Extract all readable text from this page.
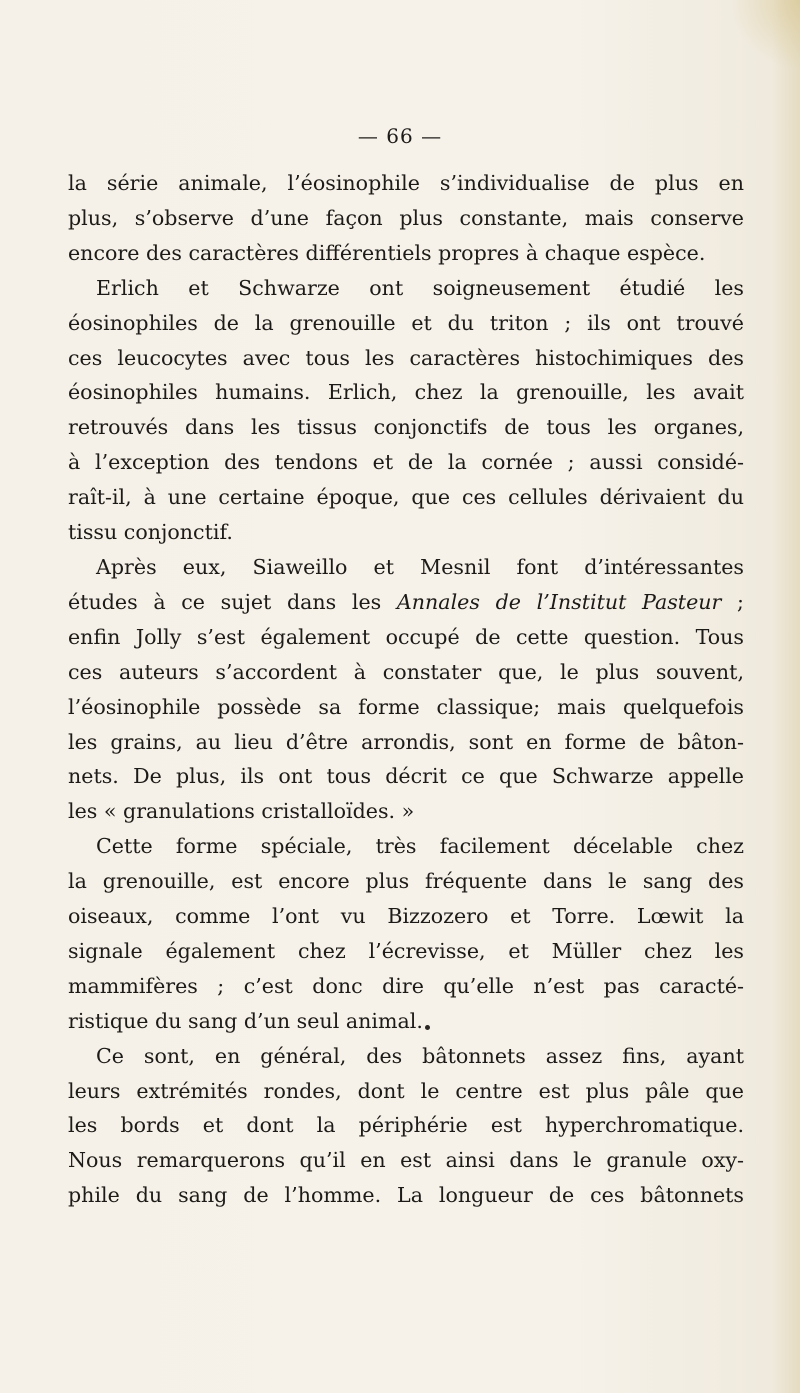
— 66 —
la série animale, l’éosinophile s’individualise de plus en
plus, s’observe d’une façon plus constante, mais conserve
encore des caractères différentiels propres à chaque espèce.
Erlich et Schwarze ont soigneusement étudié les
éosinophiles de la grenouille et du triton ; ils ont trouvé
ces leucocytes avec tous les caractères histochimiques des
éosinophiles humains. Erlich, chez la grenouille, les avait
retrouvés dans les tissus conjonctifs de tous les organes,
à l’exception des tendons et de la cornée ; aussi considé-
raît-il, à une certaine époque, que ces cellules dérivaient du
tissu conjonctif.
Après eux, Siaweillo et Mesnil font d’intéressantes
études à ce sujet dans les Annales de l’Institut Pasteur ;
enfin Jolly s’est également occupé de cette question. Tous
ces auteurs s’accordent à constater que, le plus souvent,
l’éosinophile possède sa forme classique; mais quelquefois
les grains, au lieu d’être arrondis, sont en forme de bâton-
nets. De plus, ils ont tous décrit ce que Schwarze appelle
les « granulations cristalloïdes. »
Cette forme spéciale, très facilement décelable chez
la grenouille, est encore plus fréquente dans le sang des
oiseaux, comme l’ont vu Bizzozero et Torre. Lœwit la
signale également chez l’écrevisse, et Müller chez les
mammifères ; c’est donc dire qu’elle n’est pas caracté-
ristique du sang d’un seul animal.
Ce sont, en général, des bâtonnets assez fins, ayant
leurs extrémités rondes, dont le centre est plus pâle que
les bords et dont la périphérie est hyperchromatique.
Nous remarquerons qu’il en est ainsi dans le granule oxy-
phile du sang de l’homme. La longueur de ces bâtonnets
